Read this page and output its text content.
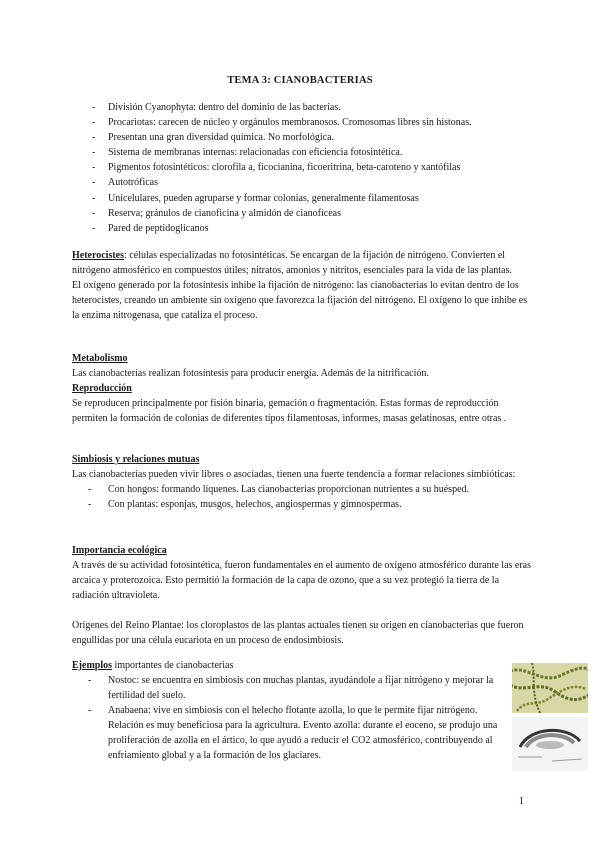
TEMA 3: CIANOBACTERIAS
- División Cyanophyta: dentro del dominio de las bacterias.
- Procariotas: carecen de núcleo y orgánulos membranosos. Cromosomas libres sin histonas.
- Presentan una gran diversidad química. No morfológica.
- Sistema de membranas internas: relacionadas con eficiencia fotosintética.
- Pigmentos fotosintéticos: clorofila a, ficocianina, ficoeritrina, beta-caroteno y xantófilas
- Autotróficas
- Unicelulares, pueden agruparse y formar colonias, generalmente filamentosas
- Reserva; gránulos de cianoficina y almidón de cianofíceas
- Pared de peptidoglicanos

Heterocistes: células especializadas no fotosintéticas. Se encargan de la fijación de nitrógeno. Convierten el nitrógeno atmosférico en compuestos útiles; nitratos, amonios y nitritos, esenciales para la vida de las plantas.

El oxígeno generado por la fotosíntesis inhibe la fijación de nitrógeno: las cianobacterias lo evitan dentro de los heterocistes, creando un ambiente sin oxígeno que favorezca la fijación del nitrógeno. El oxígeno lo que inhibe es la enzima nitrogenasa, que cataliza el proceso.

Metabolismo

Las cianobacterias realizan fotosíntesis para producir energía. Además de la nitrificación.

Reproducción

Se reproducen principalmente por fisión binaria, gemación o fragmentación. Estas formas de reproducción permiten la formación de colonias de diferentes tipos filamentosas, informes, masas gelatinosas, entre otras .

Simbiosis y relaciones mutuas

Las cianobacterias pueden vivir libres o asociadas, tienen una fuerte tendencia a formar relaciones simbióticas:

- Con hongos: formando líquenes. Las cianobacterias proporcionan nutrientes a su huésped.
- Con plantas: esponjas, musgos, helechos, angiospermas y gimnospermas.

Importancia ecológica

A través de su actividad fotosintética, fueron fundamentales en el aumento de oxígeno atmosférico durante las eras arcaica y proterozoica. Esto permitió la formación de la capa de ozono, que a su vez protegió la tierra de la radiación ultravioleta.

Orígenes del Reino Plantae: los cloroplastos de las plantas actuales tienen su origen en cianobacterias que fueron engullidas por una célula eucariota en un proceso de endosimbiosis.

Ejemplos importantes de cianobacterias

- Nostoc: se encuentra en simbiosis con muchas plantas, ayudándole a fijar nitrógeno y mejorar la fertilidad del suelo.
- Anabaena: vive en simbiosis con el helecho flotante azolla, lo que le permite fijar nitrógeno. Relación es muy beneficiosa para la agricultura. Evento azolla: durante el eoceno, se produjo una proliferación de azolla en el ártico, lo que ayudó a reducir el CO2 atmosférico, contribuyendo al enfriamiento global y a la formación de los glaciares.
1
